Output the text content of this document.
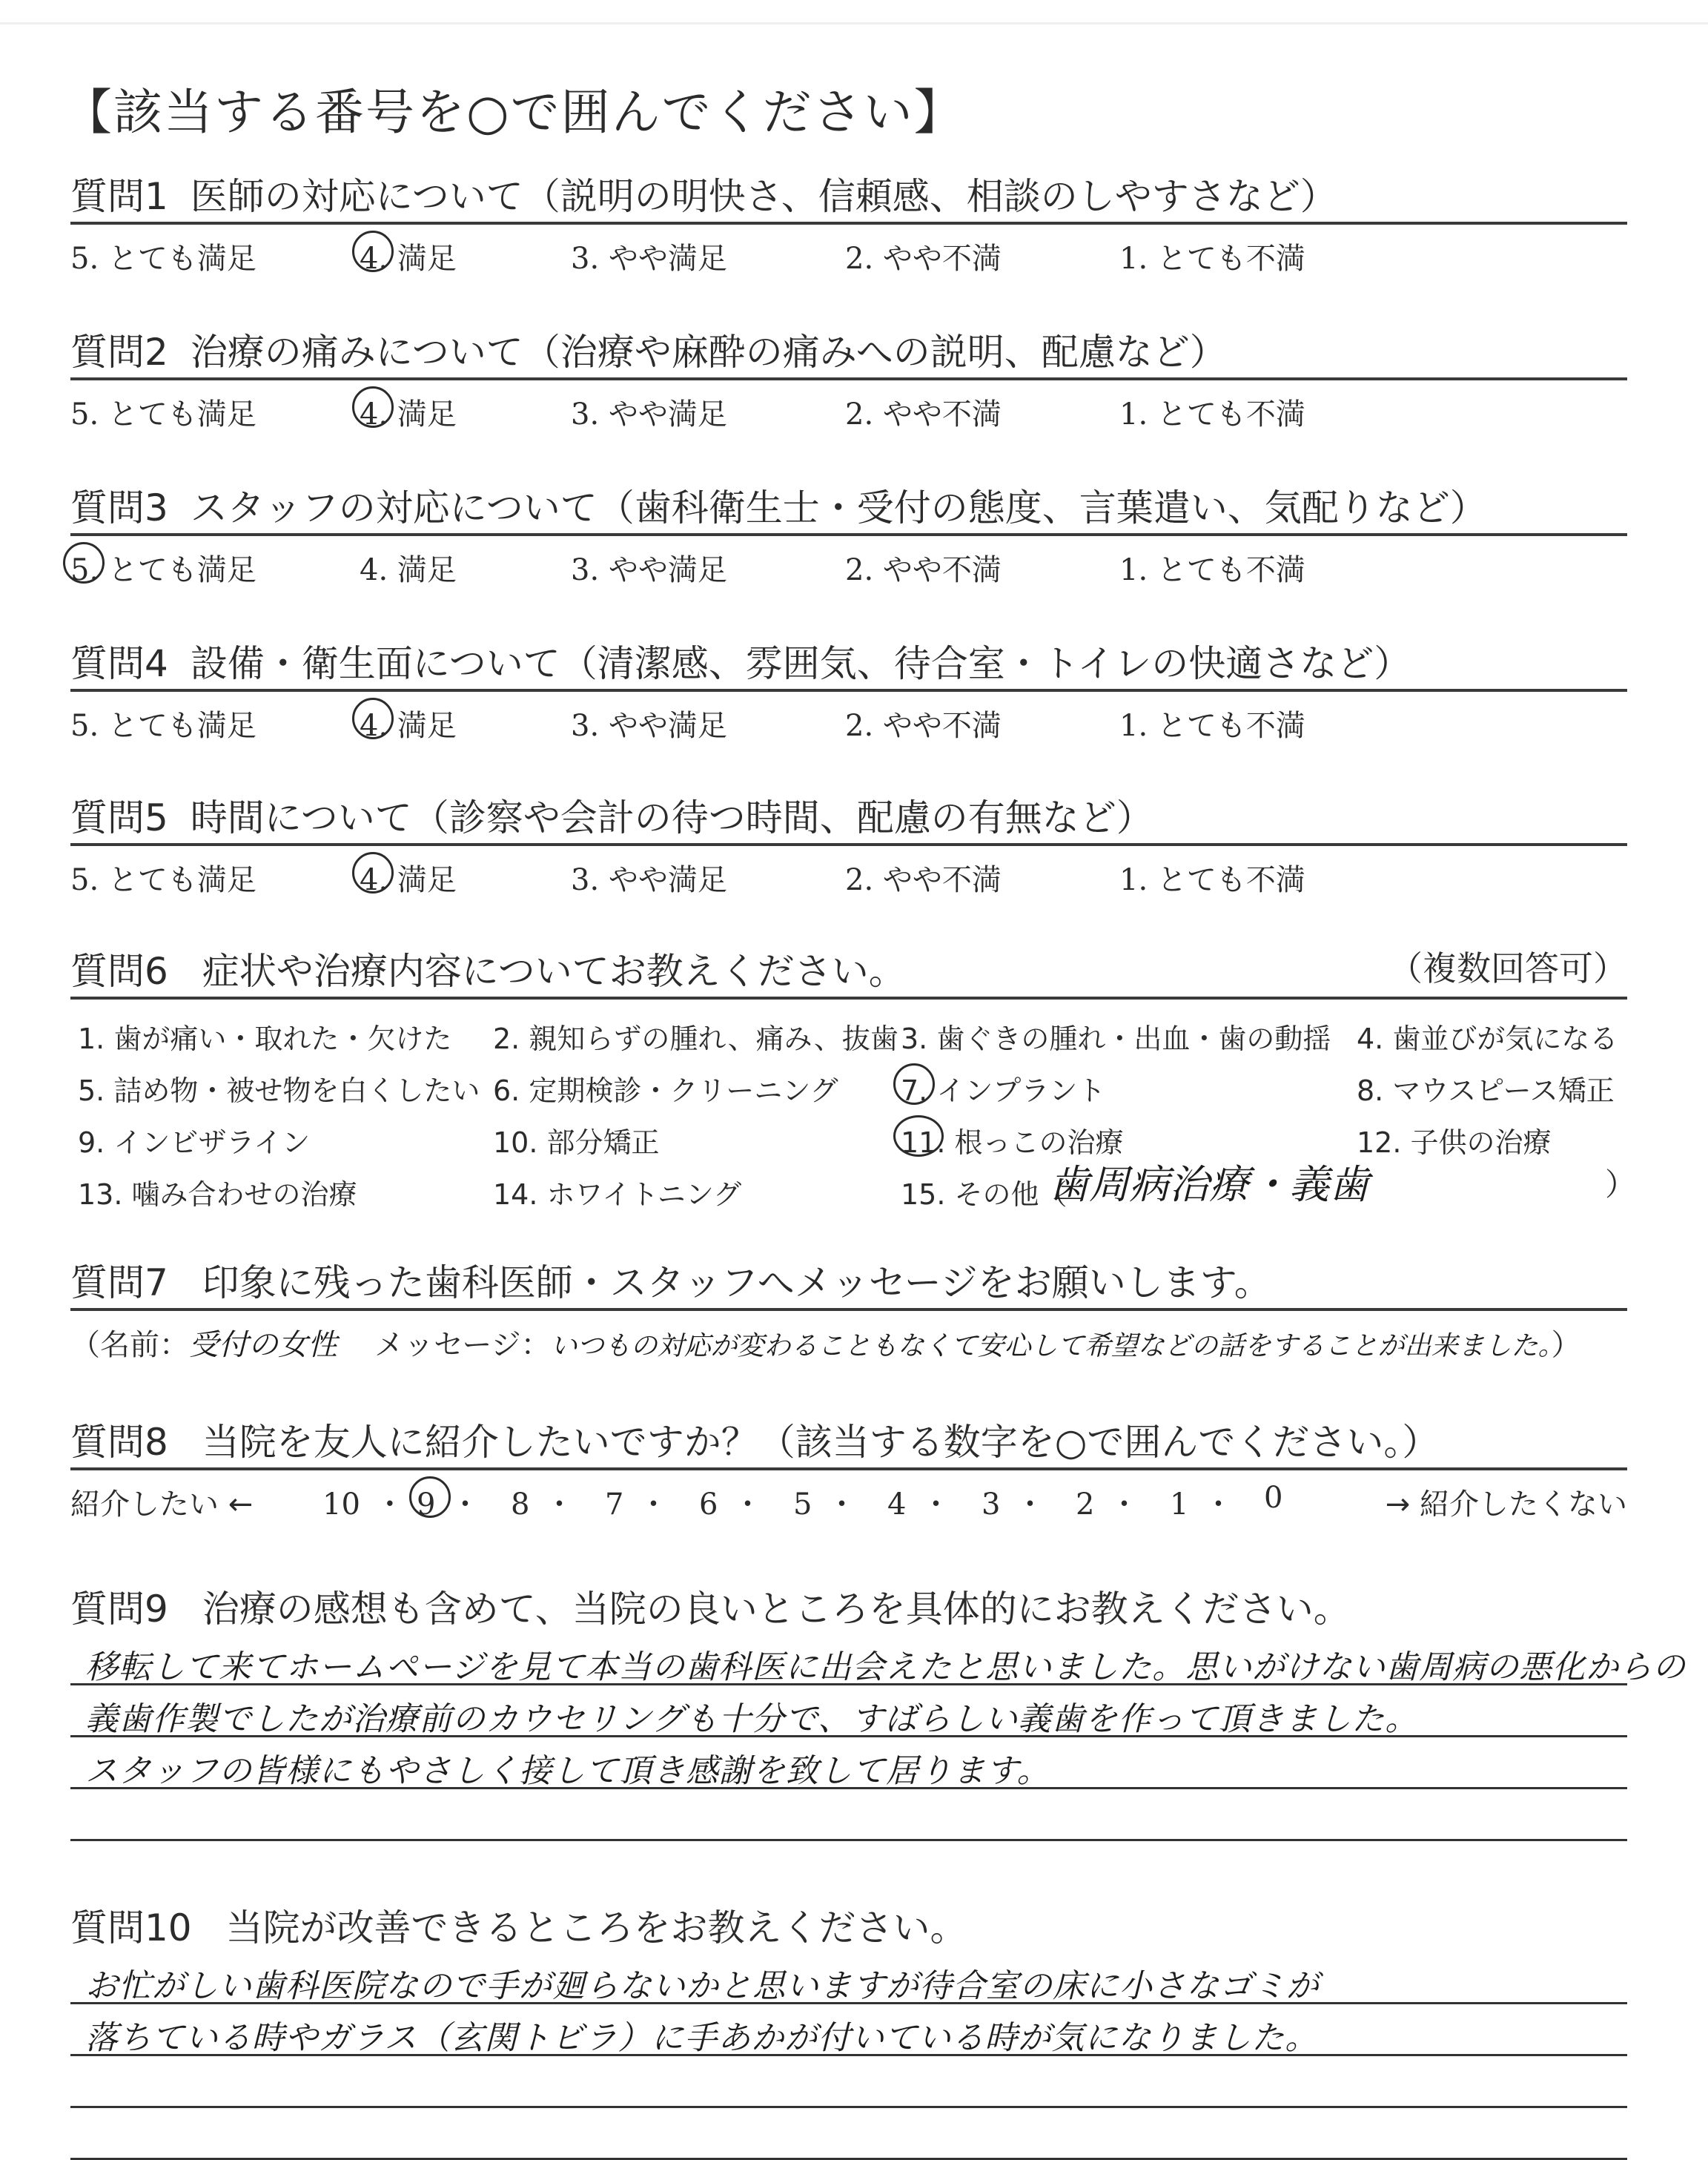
【該当する番号を○で囲んでください】
質問1 医師の対応について（説明の明快さ、信頼感、相談のしやすさなど）
5. とても満足	4. 満足	3. やや満足	2. やや不満	1. とても不満
質問2 治療の痛みについて（治療や麻酔の痛みへの説明、配慮など）
5. とても満足	4. 満足	3. やや満足	2. やや不満	1. とても不満
質問3 スタッフの対応について（歯科衛生士・受付の態度、言葉遣い、気配りなど）
5. とても満足	4. 満足	3. やや満足	2. やや不満	1. とても不満
質問4 設備・衛生面について（清潔感、雰囲気、待合室・トイレの快適さなど）
5. とても満足	4. 満足	3. やや満足	2. やや不満	1. とても不満
質問5 時間について（診察や会計の待つ時間、配慮の有無など）
5. とても満足	4. 満足	3. やや満足	2. やや不満	1. とても不満
質問6 症状や治療内容についてお教えください。	（複数回答可）
1. 歯が痛い・取れた・欠けた 2. 親知らずの腫れ、痛み、抜歯 3. 歯ぐきの腫れ・出血・歯の動揺 4. 歯並びが気になる
5. 詰め物・被せ物を白くしたい 6. 定期検診・クリーニング 7. インプラント	8. マウスピース矯正
9. インビザライン	10. 部分矯正	11. 根っこの治療	12. 子供の治療
13. 噛み合わせの治療	14. ホワイトニング	15. その他（
歯周病治療・義歯	）
質問7 印象に残った歯科医師・スタッフへメッセージをお願いします。
（名前：受付の女性 メッセージ：いつもの対応が変わることもなくて安心して希望などの話をすることが出来ました。）
質問8 当院を友人に紹介したいですか？（該当する数字を○で囲んでください。）
紹介したい ← 10 ・ 9 ・ 8 ・ 7 ・ 6 ・ 5 ・ 4 ・ 3 ・ 2 ・ 1 ・ 0	→ 紹介したくない
質問9 治療の感想も含めて、当院の良いところを具体的にお教えください。
移転して来てホームページを見て本当の歯科医に出会えたと思いました。思いがけない歯周病の悪化からの
義歯作製でしたが治療前のカウセリングも十分で、すばらしい義歯を作って頂きました。
スタッフの皆様にもやさしく接して頂き感謝を致して居ります。
質問10 当院が改善できるところをお教えください。
お忙がしい歯科医院なので手が廻らないかと思いますが待合室の床に小さなゴミが
落ちている時やガラス（玄関トビラ）に手あかが付いている時が気になりました。
